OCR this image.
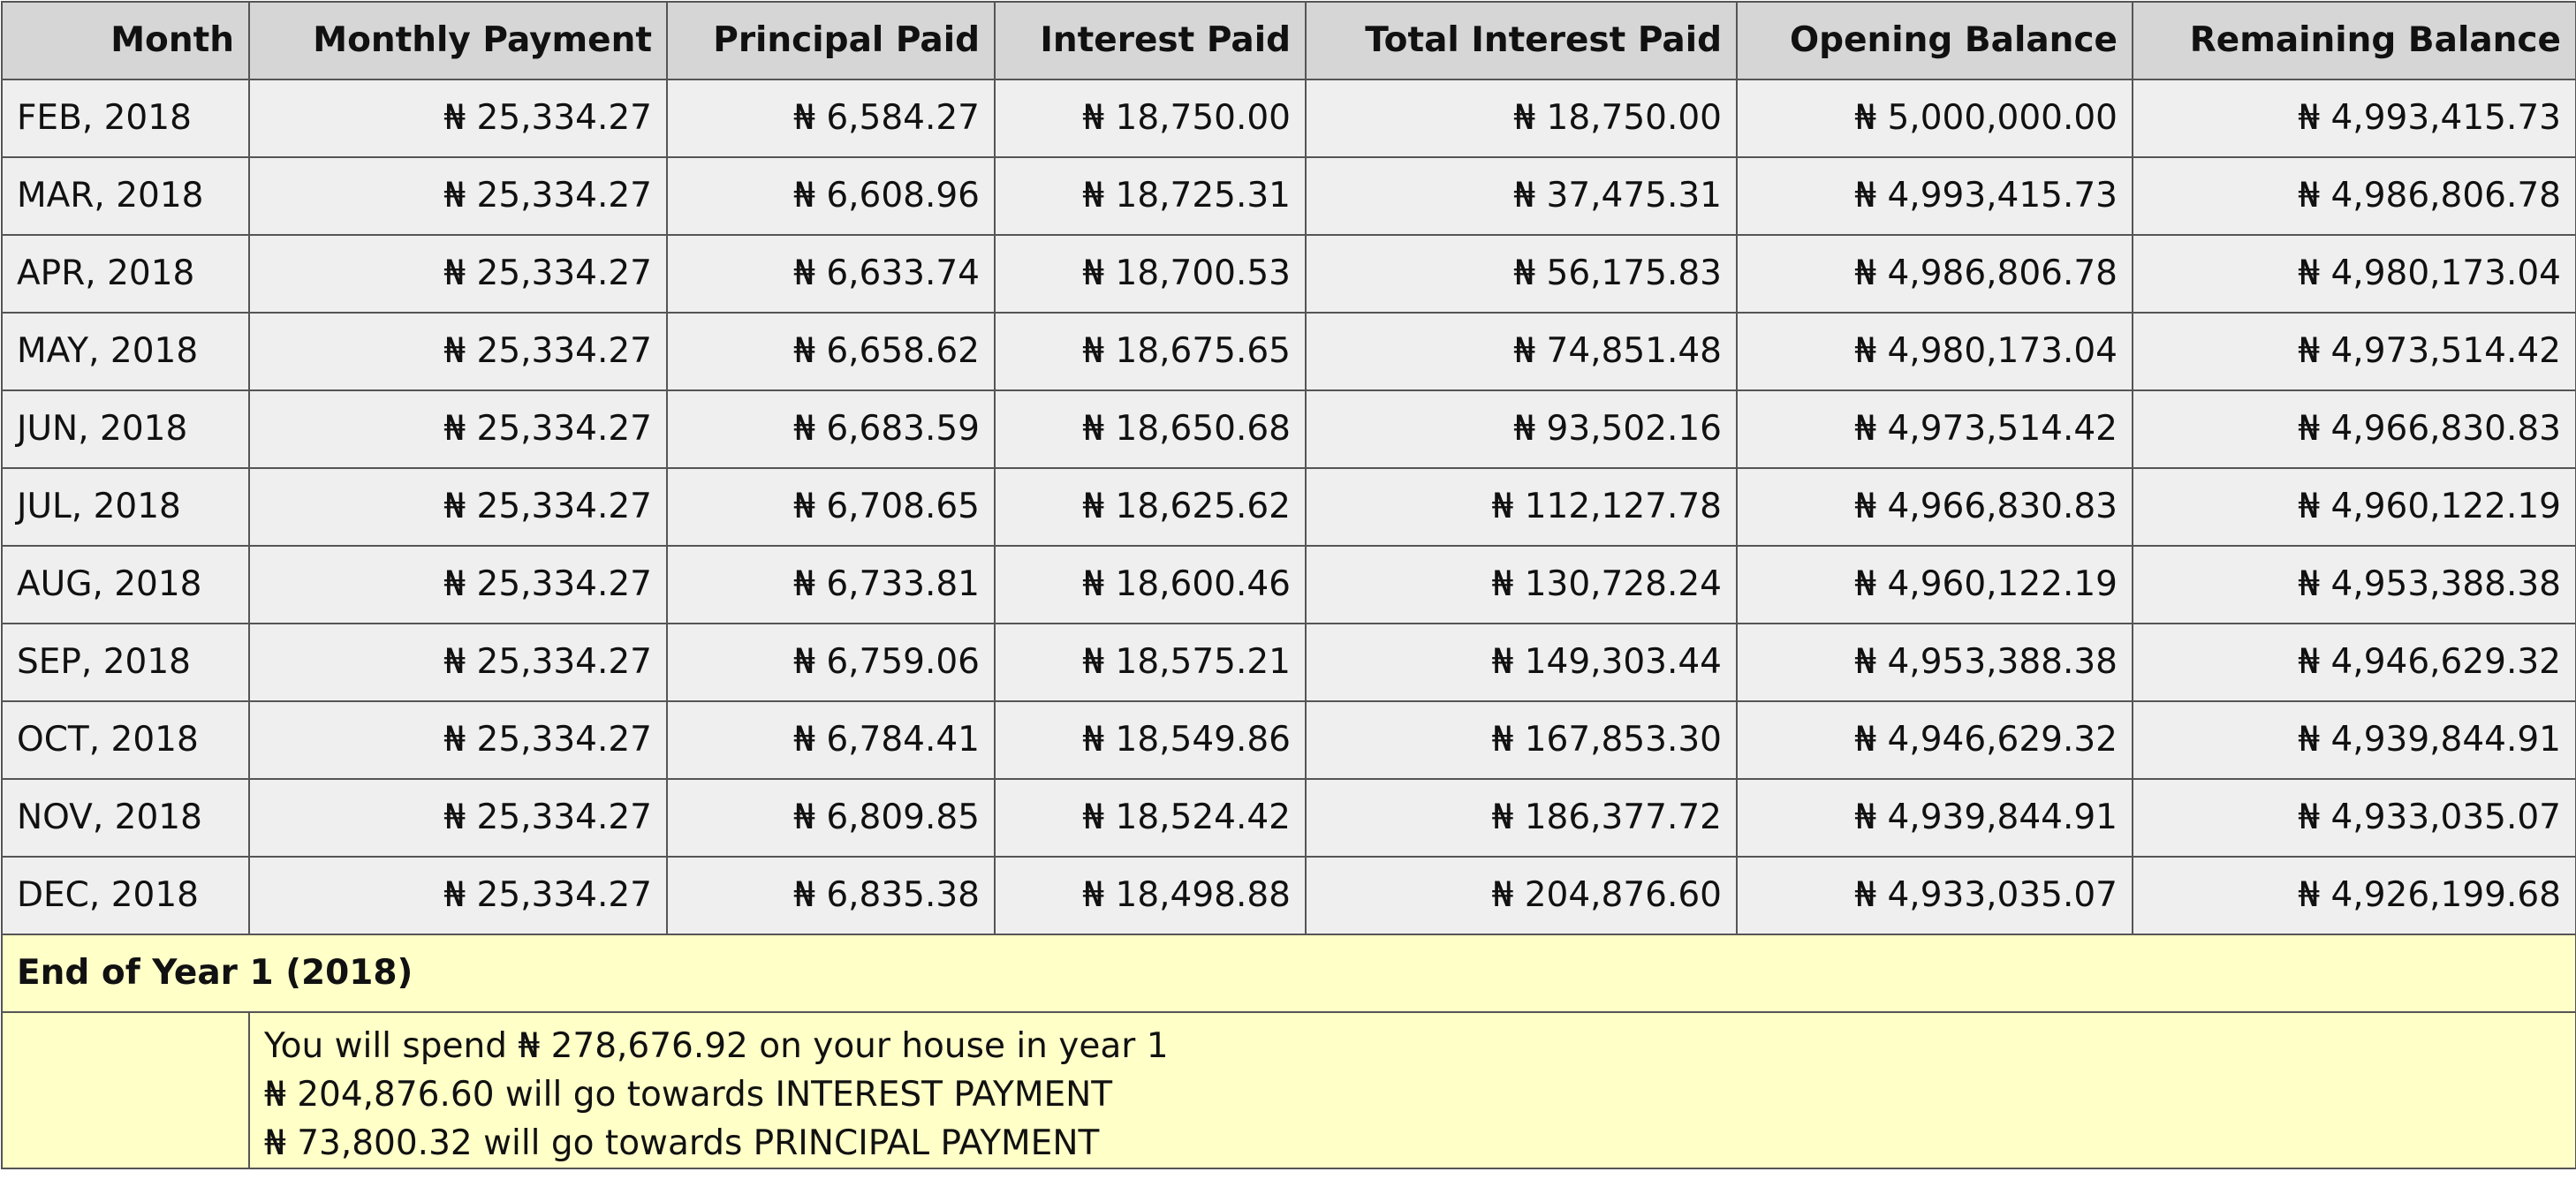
Month	Monthly Payment	Principal Paid	Interest Paid	Total Interest Paid	Opening Balance	Remaining Balance
FEB, 2018	₦ 25,334.27	₦ 6,584.27	₦ 18,750.00	₦ 18,750.00	₦ 5,000,000.00	₦ 4,993,415.73
MAR, 2018	₦ 25,334.27	₦ 6,608.96	₦ 18,725.31	₦ 37,475.31	₦ 4,993,415.73	₦ 4,986,806.78
APR, 2018	₦ 25,334.27	₦ 6,633.74	₦ 18,700.53	₦ 56,175.83	₦ 4,986,806.78	₦ 4,980,173.04
MAY, 2018	₦ 25,334.27	₦ 6,658.62	₦ 18,675.65	₦ 74,851.48	₦ 4,980,173.04	₦ 4,973,514.42
JUN, 2018	₦ 25,334.27	₦ 6,683.59	₦ 18,650.68	₦ 93,502.16	₦ 4,973,514.42	₦ 4,966,830.83
JUL, 2018	₦ 25,334.27	₦ 6,708.65	₦ 18,625.62	₦ 112,127.78	₦ 4,966,830.83	₦ 4,960,122.19
AUG, 2018	₦ 25,334.27	₦ 6,733.81	₦ 18,600.46	₦ 130,728.24	₦ 4,960,122.19	₦ 4,953,388.38
SEP, 2018	₦ 25,334.27	₦ 6,759.06	₦ 18,575.21	₦ 149,303.44	₦ 4,953,388.38	₦ 4,946,629.32
OCT, 2018	₦ 25,334.27	₦ 6,784.41	₦ 18,549.86	₦ 167,853.30	₦ 4,946,629.32	₦ 4,939,844.91
NOV, 2018	₦ 25,334.27	₦ 6,809.85	₦ 18,524.42	₦ 186,377.72	₦ 4,939,844.91	₦ 4,933,035.07
DEC, 2018	₦ 25,334.27	₦ 6,835.38	₦ 18,498.88	₦ 204,876.60	₦ 4,933,035.07	₦ 4,926,199.68
End of Year 1 (2018)						

	You will spend ₦ 278,676.92 on your house in year 1
₦ 204,876.60 will go towards INTEREST PAYMENT
₦ 73,800.32 will go towards PRINCIPAL PAYMENT					
